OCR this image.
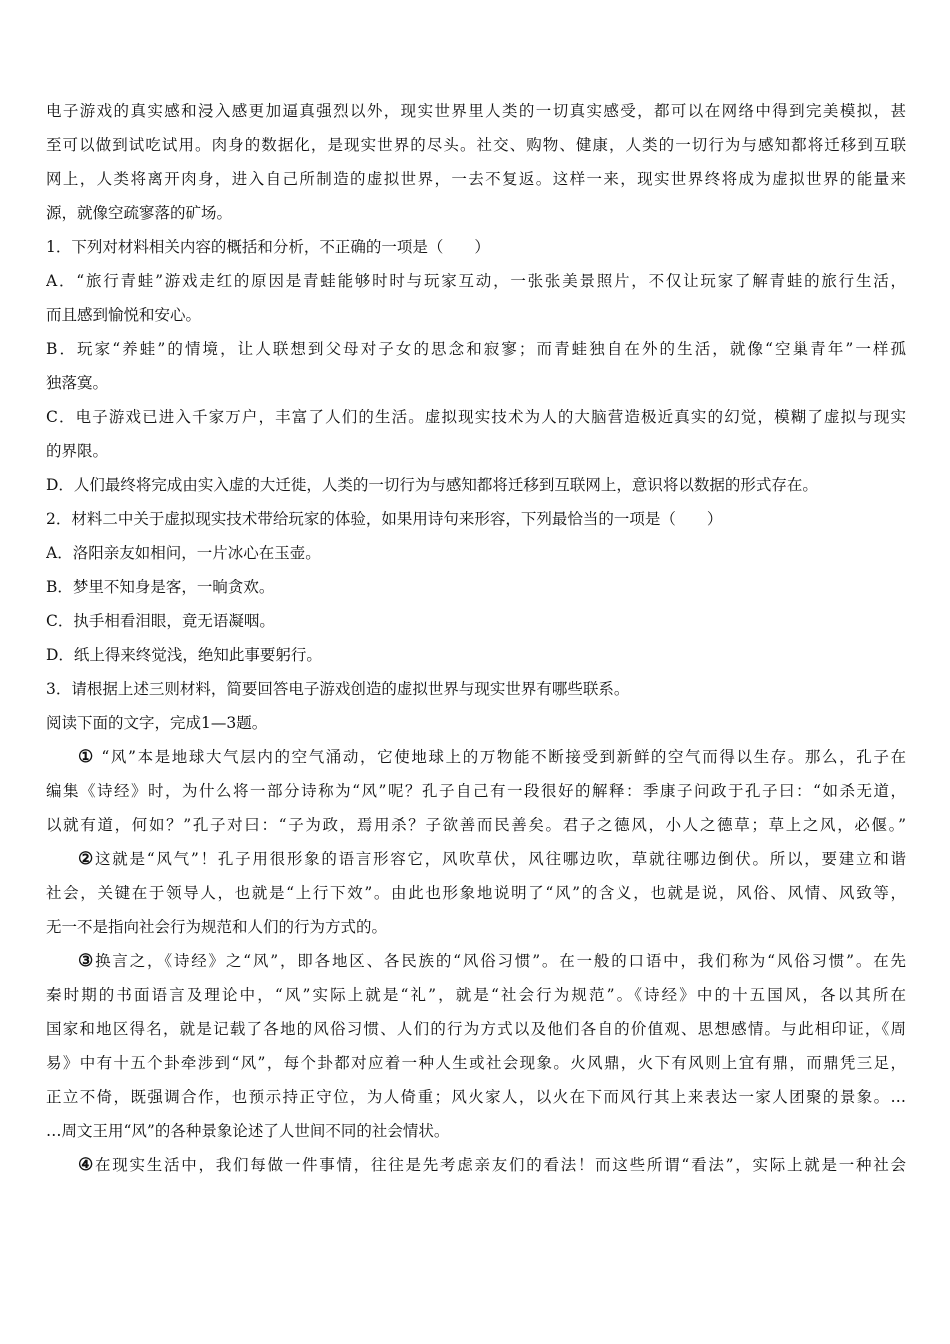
电子游戏的真实感和浸入感更加逼真强烈以外，现实世界里人类的一切真实感受，都可以在网络中得到完美模拟，甚
至可以做到试吃试用。肉身的数据化，是现实世界的尽头。社交、购物、健康，人类的一切行为与感知都将迁移到互联
网上，人类将离开肉身，进入自己所制造的虚拟世界，一去不复返。这样一来，现实世界终将成为虚拟世界的能量来
源，就像空疏寥落的矿场。
1．下列对材料相关内容的概括和分析，不正确的一项是（　　）
A．“旅行青蛙”游戏走红的原因是青蛙能够时时与玩家互动，一张张美景照片，不仅让玩家了解青蛙的旅行生活，
而且感到愉悦和安心。
B．玩家“养蛙”的情境，让人联想到父母对子女的思念和寂寥；而青蛙独自在外的生活，就像“空巢青年”一样孤
独落寞。
C．电子游戏已进入千家万户，丰富了人们的生活。虚拟现实技术为人的大脑营造极近真实的幻觉，模糊了虚拟与现实
的界限。
D．人们最终将完成由实入虚的大迁徙，人类的一切行为与感知都将迁移到互联网上，意识将以数据的形式存在。
2．材料二中关于虚拟现实技术带给玩家的体验，如果用诗句来形容，下列最恰当的一项是（　　）
A．洛阳亲友如相问，一片冰心在玉壶。
B．梦里不知身是客，一晌贪欢。
C．执手相看泪眼，竟无语凝咽。
D．纸上得来终觉浅，绝知此事要躬行。
3．请根据上述三则材料，简要回答电子游戏创造的虚拟世界与现实世界有哪些联系。
阅读下面的文字，完成1—3题。
① “风”本是地球大气层内的空气涌动，它使地球上的万物能不断接受到新鲜的空气而得以生存。那么，孔子在
编集《诗经》时，为什么将一部分诗称为“风”呢？孔子自己有一段很好的解释：季康子问政于孔子曰：“如杀无道，
以就有道，何如？”孔子对曰：“子为政，焉用杀？子欲善而民善矣。君子之德风，小人之德草；草上之风，必偃。”
②这就是“风气”！孔子用很形象的语言形容它，风吹草伏，风往哪边吹，草就往哪边倒伏。所以，要建立和谐
社会，关键在于领导人，也就是“上行下效”。由此也形象地说明了“风”的含义，也就是说，风俗、风情、风致等，
无一不是指向社会行为规范和人们的行为方式的。
③换言之，《诗经》之“风”，即各地区、各民族的“风俗习惯”。在一般的口语中，我们称为“风俗习惯”。在先
秦时期的书面语言及理论中，“风”实际上就是“礼”，就是“社会行为规范”。《诗经》中的十五国风，各以其所在
国家和地区得名，就是记载了各地的风俗习惯、人们的行为方式以及他们各自的价值观、思想感情。与此相印证，《周
易》中有十五个卦牵涉到“风”，每个卦都对应着一种人生或社会现象。火风鼎，火下有风则上宜有鼎，而鼎凭三足，
正立不倚，既强调合作，也预示持正守位，为人倚重；风火家人，以火在下而风行其上来表达一家人团聚的景象。…
…周文王用“风”的各种景象论述了人世间不同的社会情状。
④在现实生活中，我们每做一件事情，往往是先考虑亲友们的看法！而这些所谓“看法”，实际上就是一种社会
